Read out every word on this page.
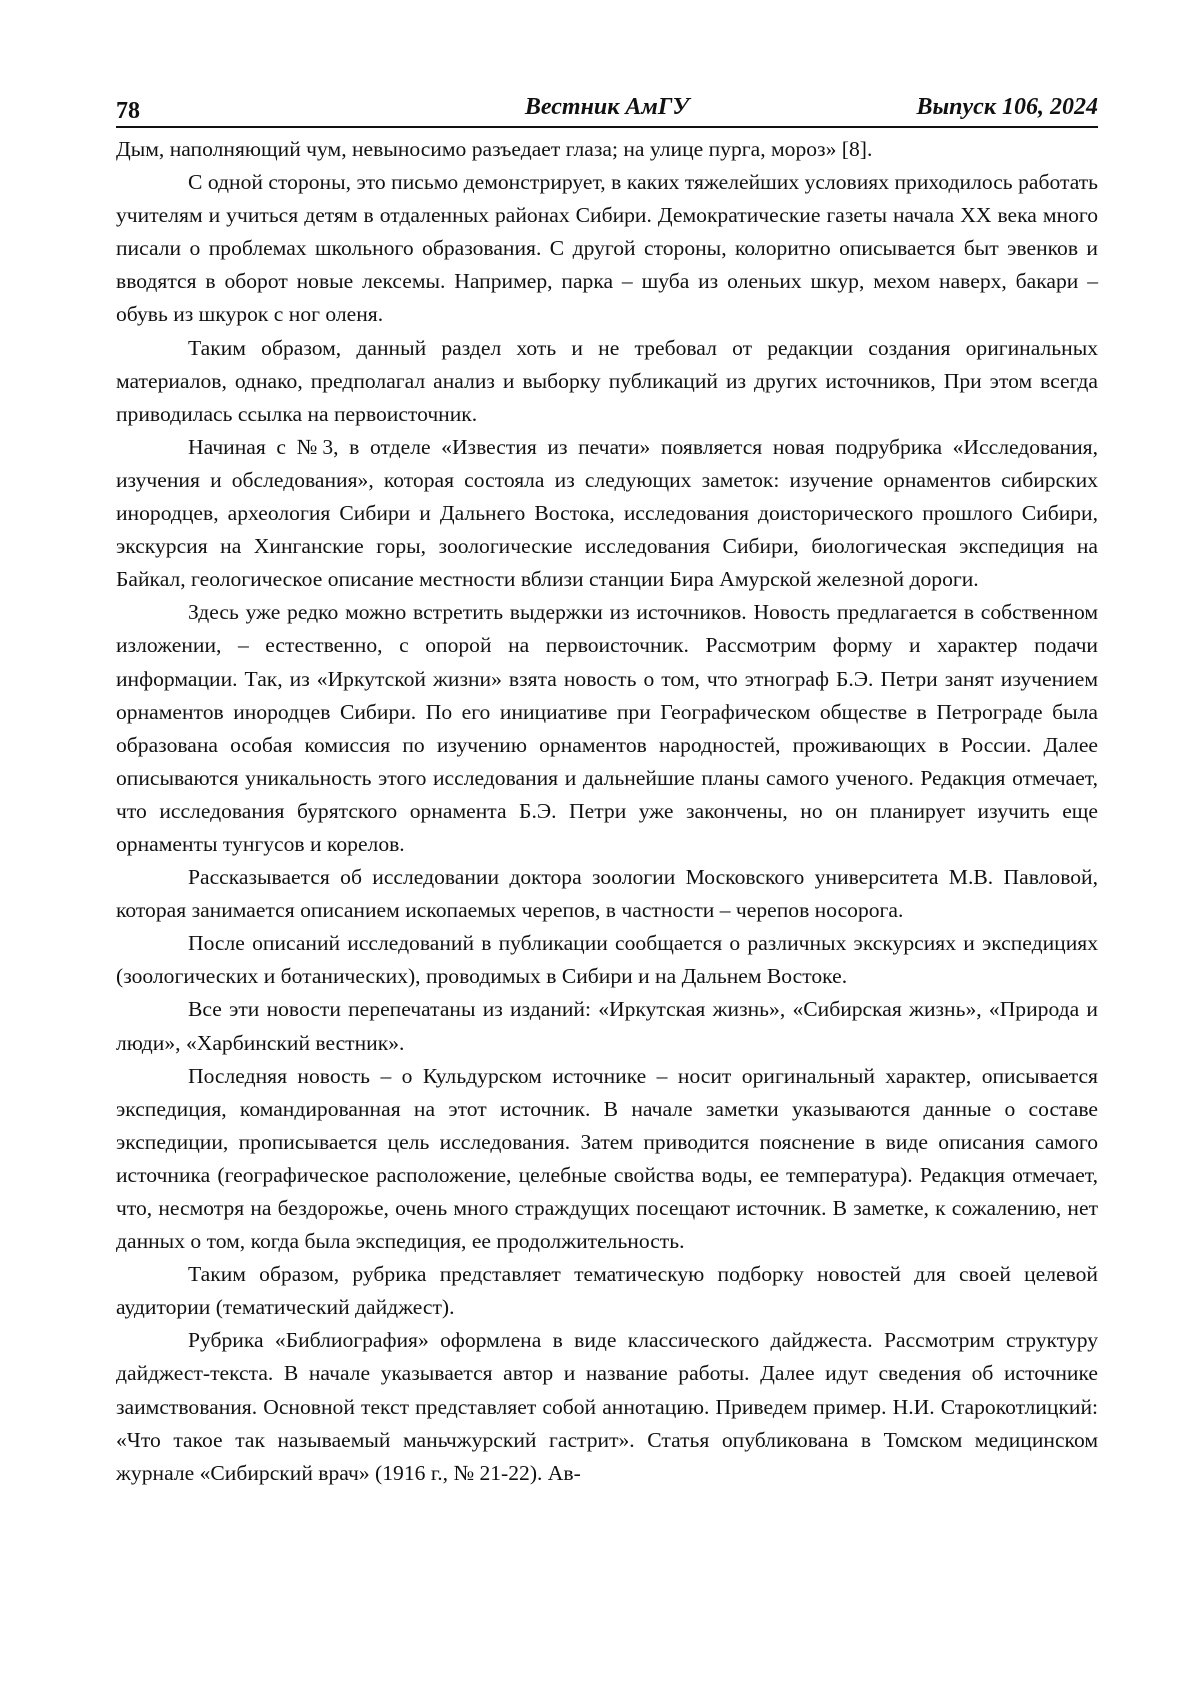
78	Вестник АмГУ	Выпуск 106, 2024

Дым, наполняющий чум, невыносимо разъедает глаза; на улице пурга, мороз» [8].

С одной стороны, это письмо демонстрирует, в каких тяжелейших условиях приходилось работать учителям и учиться детям в отдаленных районах Сибири. Демократические газеты начала XX века много писали о проблемах школьного образования. С другой стороны, колоритно описывается быт эвенков и вводятся в оборот новые лексемы. Например, парка – шуба из оленьих шкур, мехом наверх, бакари – обувь из шкурок с ног оленя.

Таким образом, данный раздел хоть и не требовал от редакции создания оригинальных материалов, однако, предполагал анализ и выборку публикаций из других источников, При этом всегда приводилась ссылка на первоисточник.

Начиная с №3, в отделе «Известия из печати» появляется новая подрубрика «Исследования, изучения и обследования», которая состояла из следующих заметок: изучение орнаментов сибирских инородцев, археология Сибири и Дальнего Востока, исследования доисторического прошлого Сибири, экскурсия на Хинганские горы, зоологические исследования Сибири, биологическая экспедиция на Байкал, геологическое описание местности вблизи станции Бира Амурской железной дороги.

Здесь уже редко можно встретить выдержки из источников. Новость предлагается в собственном изложении, – естественно, с опорой на первоисточник. Рассмотрим форму и характер подачи информации. Так, из «Иркутской жизни» взята новость о том, что этнограф Б.Э. Петри занят изучением орнаментов инородцев Сибири. По его инициативе при Географическом обществе в Петрограде была образована особая комиссия по изучению орнаментов народностей, проживающих в России. Далее описываются уникальность этого исследования и дальнейшие планы самого ученого. Редакция отмечает, что исследования бурятского орнамента Б.Э. Петри уже закончены, но он планирует изучить еще орнаменты тунгусов и корелов.

Рассказывается об исследовании доктора зоологии Московского университета М.В. Павловой, которая занимается описанием ископаемых черепов, в частности – черепов носорога.

После описаний исследований в публикации сообщается о различных экскурсиях и экспедициях (зоологических и ботанических), проводимых в Сибири и на Дальнем Востоке.

Все эти новости перепечатаны из изданий: «Иркутская жизнь», «Сибирская жизнь», «Природа и люди», «Харбинский вестник».

Последняя новость – о Кульдурском источнике – носит оригинальный характер, описывается экспедиция, командированная на этот источник. В начале заметки указываются данные о составе экспедиции, прописывается цель исследования. Затем приводится пояснение в виде описания самого источника (географическое расположение, целебные свойства воды, ее температура). Редакция отмечает, что, несмотря на бездорожье, очень много страждущих посещают источник. В заметке, к сожалению, нет данных о том, когда была экспедиция, ее продолжительность.

Таким образом, рубрика представляет тематическую подборку новостей для своей целевой аудитории (тематический дайджест).

Рубрика «Библиография» оформлена в виде классического дайджеста. Рассмотрим структуру дайджест-текста. В начале указывается автор и название работы. Далее идут сведения об источнике заимствования. Основной текст представляет собой аннотацию. Приведем пример. Н.И. Старокотлицкий: «Что такое так называемый маньчжурский гастрит». Статья опубликована в Томском медицинском журнале «Сибирский врач» (1916 г., № 21-22). Ав-
